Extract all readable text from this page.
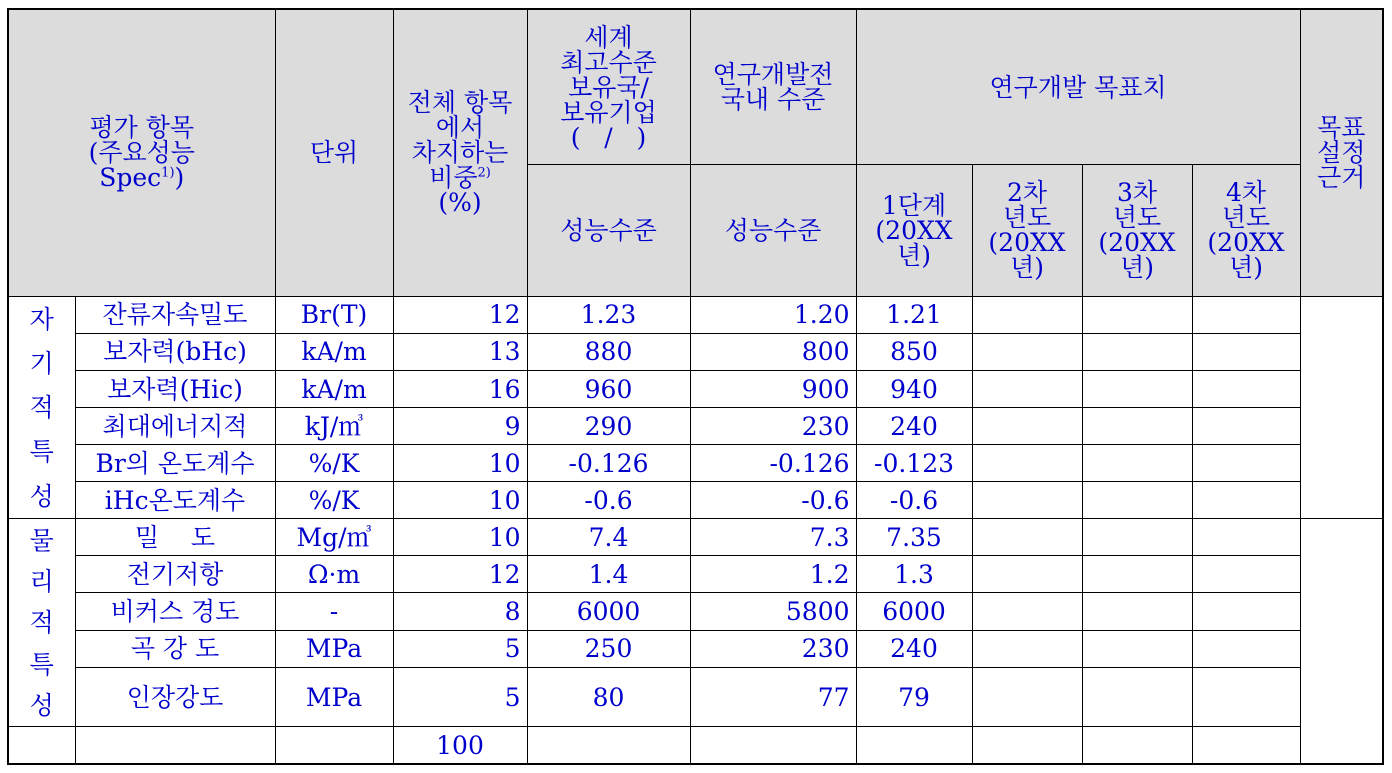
평가 항목
(주요성능
Spec$^{1)}$)		단위	전체 항목
에서
차지하는
비중$^{2)}$
(%)	세계
최고수준
보유국/
보유기업
(   /   )	연구개발전
국내 수준	연구개발 목표치				목표
설정
근거

				성능수준	성능수준	1단계
(20XX
년)	2차
년도
(20XX
년)	3차
년도
(20XX
년)	4차
년도
(20XX
년)	

자
기
적
특
성	잔류자속밀도	Br(T)	12	1.23	1.20	1.21				
	보자력(bHc)	kA/m	13	880	800	850				
	보자력(Hic)	kA/m	16	960	900	940				
	최대에너지적	kJ/㎥	9	290	230	240				
	Br의 온도계수	%/K	10	-0.126	-0.126	-0.123				
	iHc온도계수	%/K	10	-0.6	-0.6	-0.6				

물
리
적
특
성	밀    도	Mg/㎥	10	7.4	7.3	7.35				
	전기저항	Ω·m	12	1.4	1.2	1.3				
	비커스 경도	-	8	6000	5800	6000				
	곡 강 도	MPa	5	250	230	240				
	인장강도	MPa	5	80	77	79				
			100							
